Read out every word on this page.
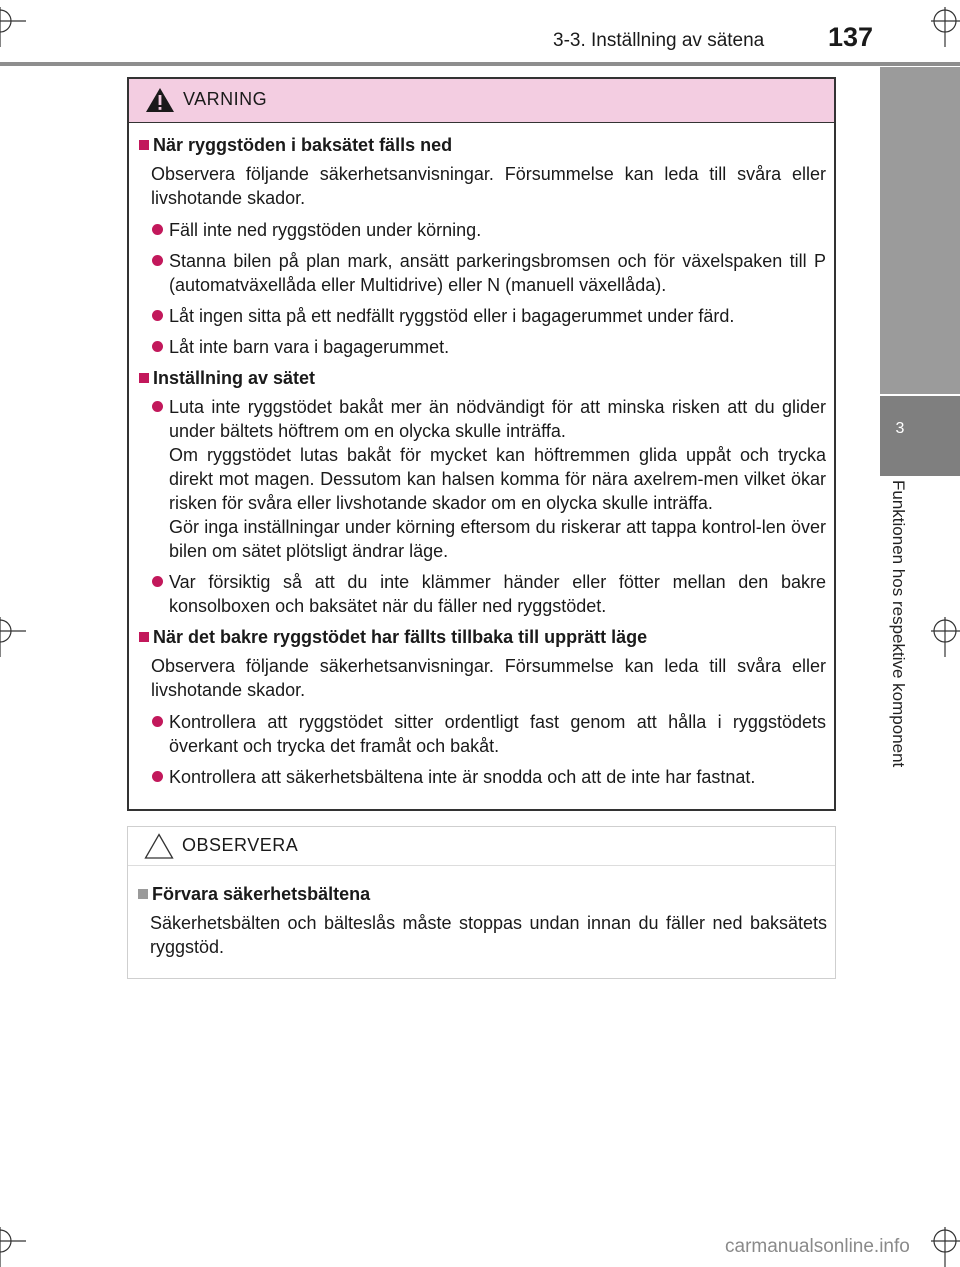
3-3. Inställning av sätena 137
3
Funktionen hos respektive komponent
VARNING
När ryggstöden i baksätet fälls ned
Observera följande säkerhetsanvisningar. Försummelse kan leda till svåra eller livshotande skador.

Fäll inte ned ryggstöden under körning.

Stanna bilen på plan mark, ansätt parkeringsbromsen och för växelspaken till P (automatväxellåda eller Multidrive) eller N (manuell växellåda).

Låt ingen sitta på ett nedfällt ryggstöd eller i bagagerummet under färd.

Låt inte barn vara i bagagerummet.

Inställning av sätet

Luta inte ryggstödet bakåt mer än nödvändigt för att minska risken att du glider under bältets höftrem om en olycka skulle inträffa.

Om ryggstödet lutas bakåt för mycket kan höftremmen glida uppåt och trycka direkt mot magen. Dessutom kan halsen komma för nära axelrem-men vilket ökar risken för svåra eller livshotande skador om en olycka skulle inträffa.

Gör inga inställningar under körning eftersom du riskerar att tappa kontrol-len över bilen om sätet plötsligt ändrar läge.

Var försiktig så att du inte klämmer händer eller fötter mellan den bakre konsolboxen och baksätet när du fäller ned ryggstödet.

När det bakre ryggstödet har fällts tillbaka till upprätt läge
Observera följande säkerhetsanvisningar. Försummelse kan leda till svåra eller livshotande skador.

Kontrollera att ryggstödet sitter ordentligt fast genom att hålla i ryggstödets överkant och trycka det framåt och bakåt.

Kontrollera att säkerhetsbältena inte är snodda och att de inte har fastnat.

OBSERVERA
Förvara säkerhetsbältena
Säkerhetsbälten och bälteslås måste stoppas undan innan du fäller ned baksätets ryggstöd.
carmanualsonline.info
